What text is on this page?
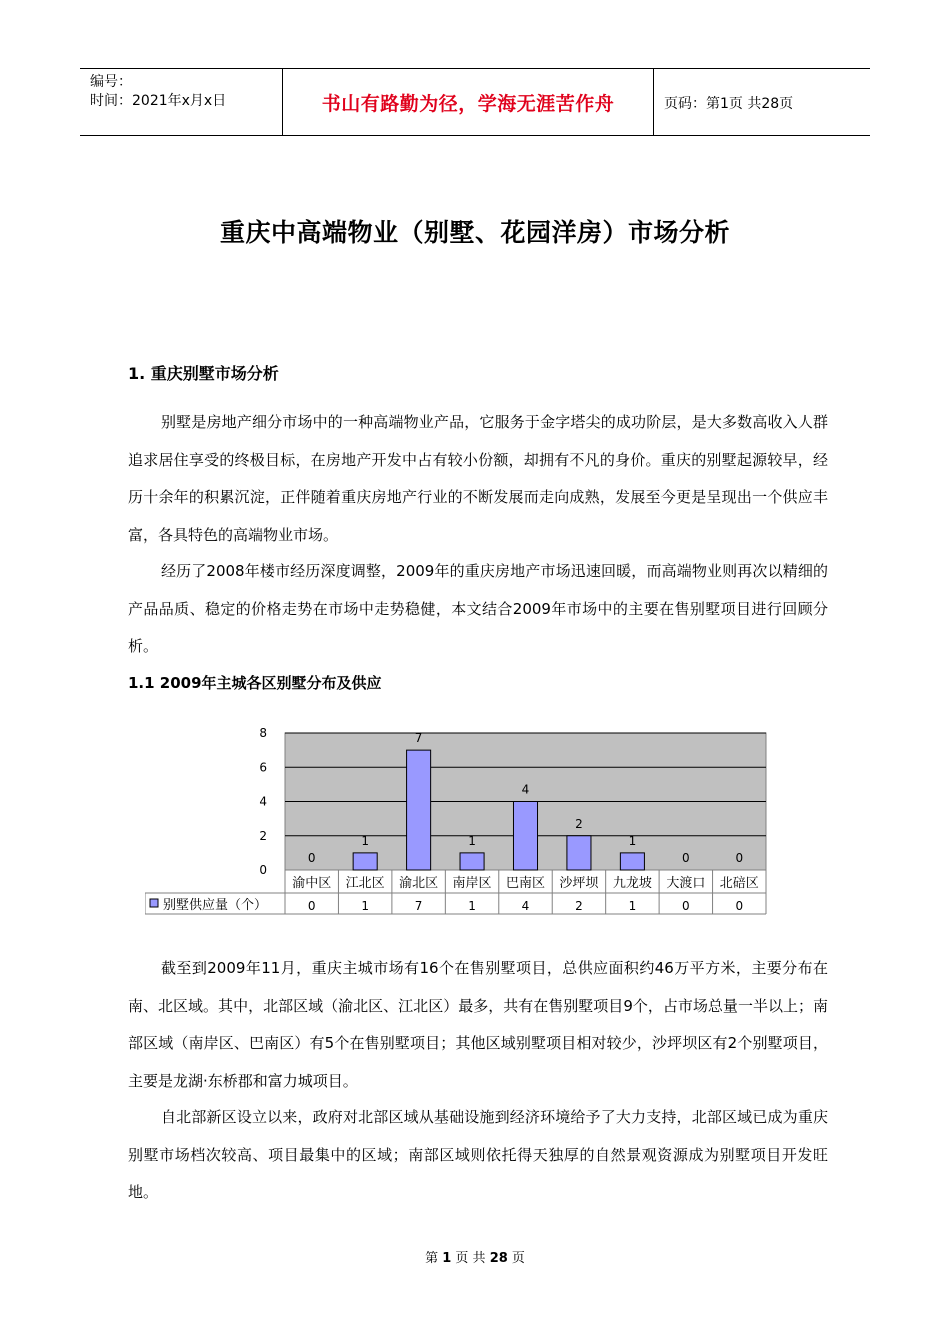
编号：
时间：2021年x月x日	书山有路勤为径，学海无涯苦作舟	页码：第1页 共28页
重庆中高端物业（别墅、花园洋房）市场分析
1. 重庆别墅市场分析

别墅是房地产细分市场中的一种高端物业产品，它服务于金字塔尖的成功阶层，是大多数高收入人群追求居住享受的终极目标，在房地产开发中占有较小份额，却拥有不凡的身价。重庆的别墅起源较早，经历十余年的积累沉淀，正伴随着重庆房地产行业的不断发展而走向成熟，发展至今更是呈现出一个供应丰富，各具特色的高端物业市场。

经历了2008年楼市经历深度调整，2009年的重庆房地产市场迅速回暖，而高端物业则再次以精细的产品品质、稳定的价格走势在市场中走势稳健，本文结合2009年市场中的主要在售别墅项目进行回顾分析。

1.1 2009年主城各区别墅分布及供应
0
2
4
6
8
0
1
7
1
4
2
1
0	0
渝中区 江北区 渝北区 南岸区 巴南区 沙坪坝 九龙坡 大渡口 北碚区
0	1	7	1	4	2	1	0	0
别墅供应量（个）

截至到2009年11月，重庆主城市场有16个在售别墅项目，总供应面积约46万平方米，主要分布在南、北区域。其中，北部区域（渝北区、江北区）最多，共有在售别墅项目9个，占市场总量一半以上；南部区域（南岸区、巴南区）有5个在售别墅项目；其他区域别墅项目相对较少，沙坪坝区有2个别墅项目，主要是龙湖·东桥郡和富力城项目。

自北部新区设立以来，政府对北部区域从基础设施到经济环境给予了大力支持，北部区域已成为重庆别墅市场档次较高、项目最集中的区域；南部区域则依托得天独厚的自然景观资源成为别墅项目开发旺地。

第 1 页 共 28 页
